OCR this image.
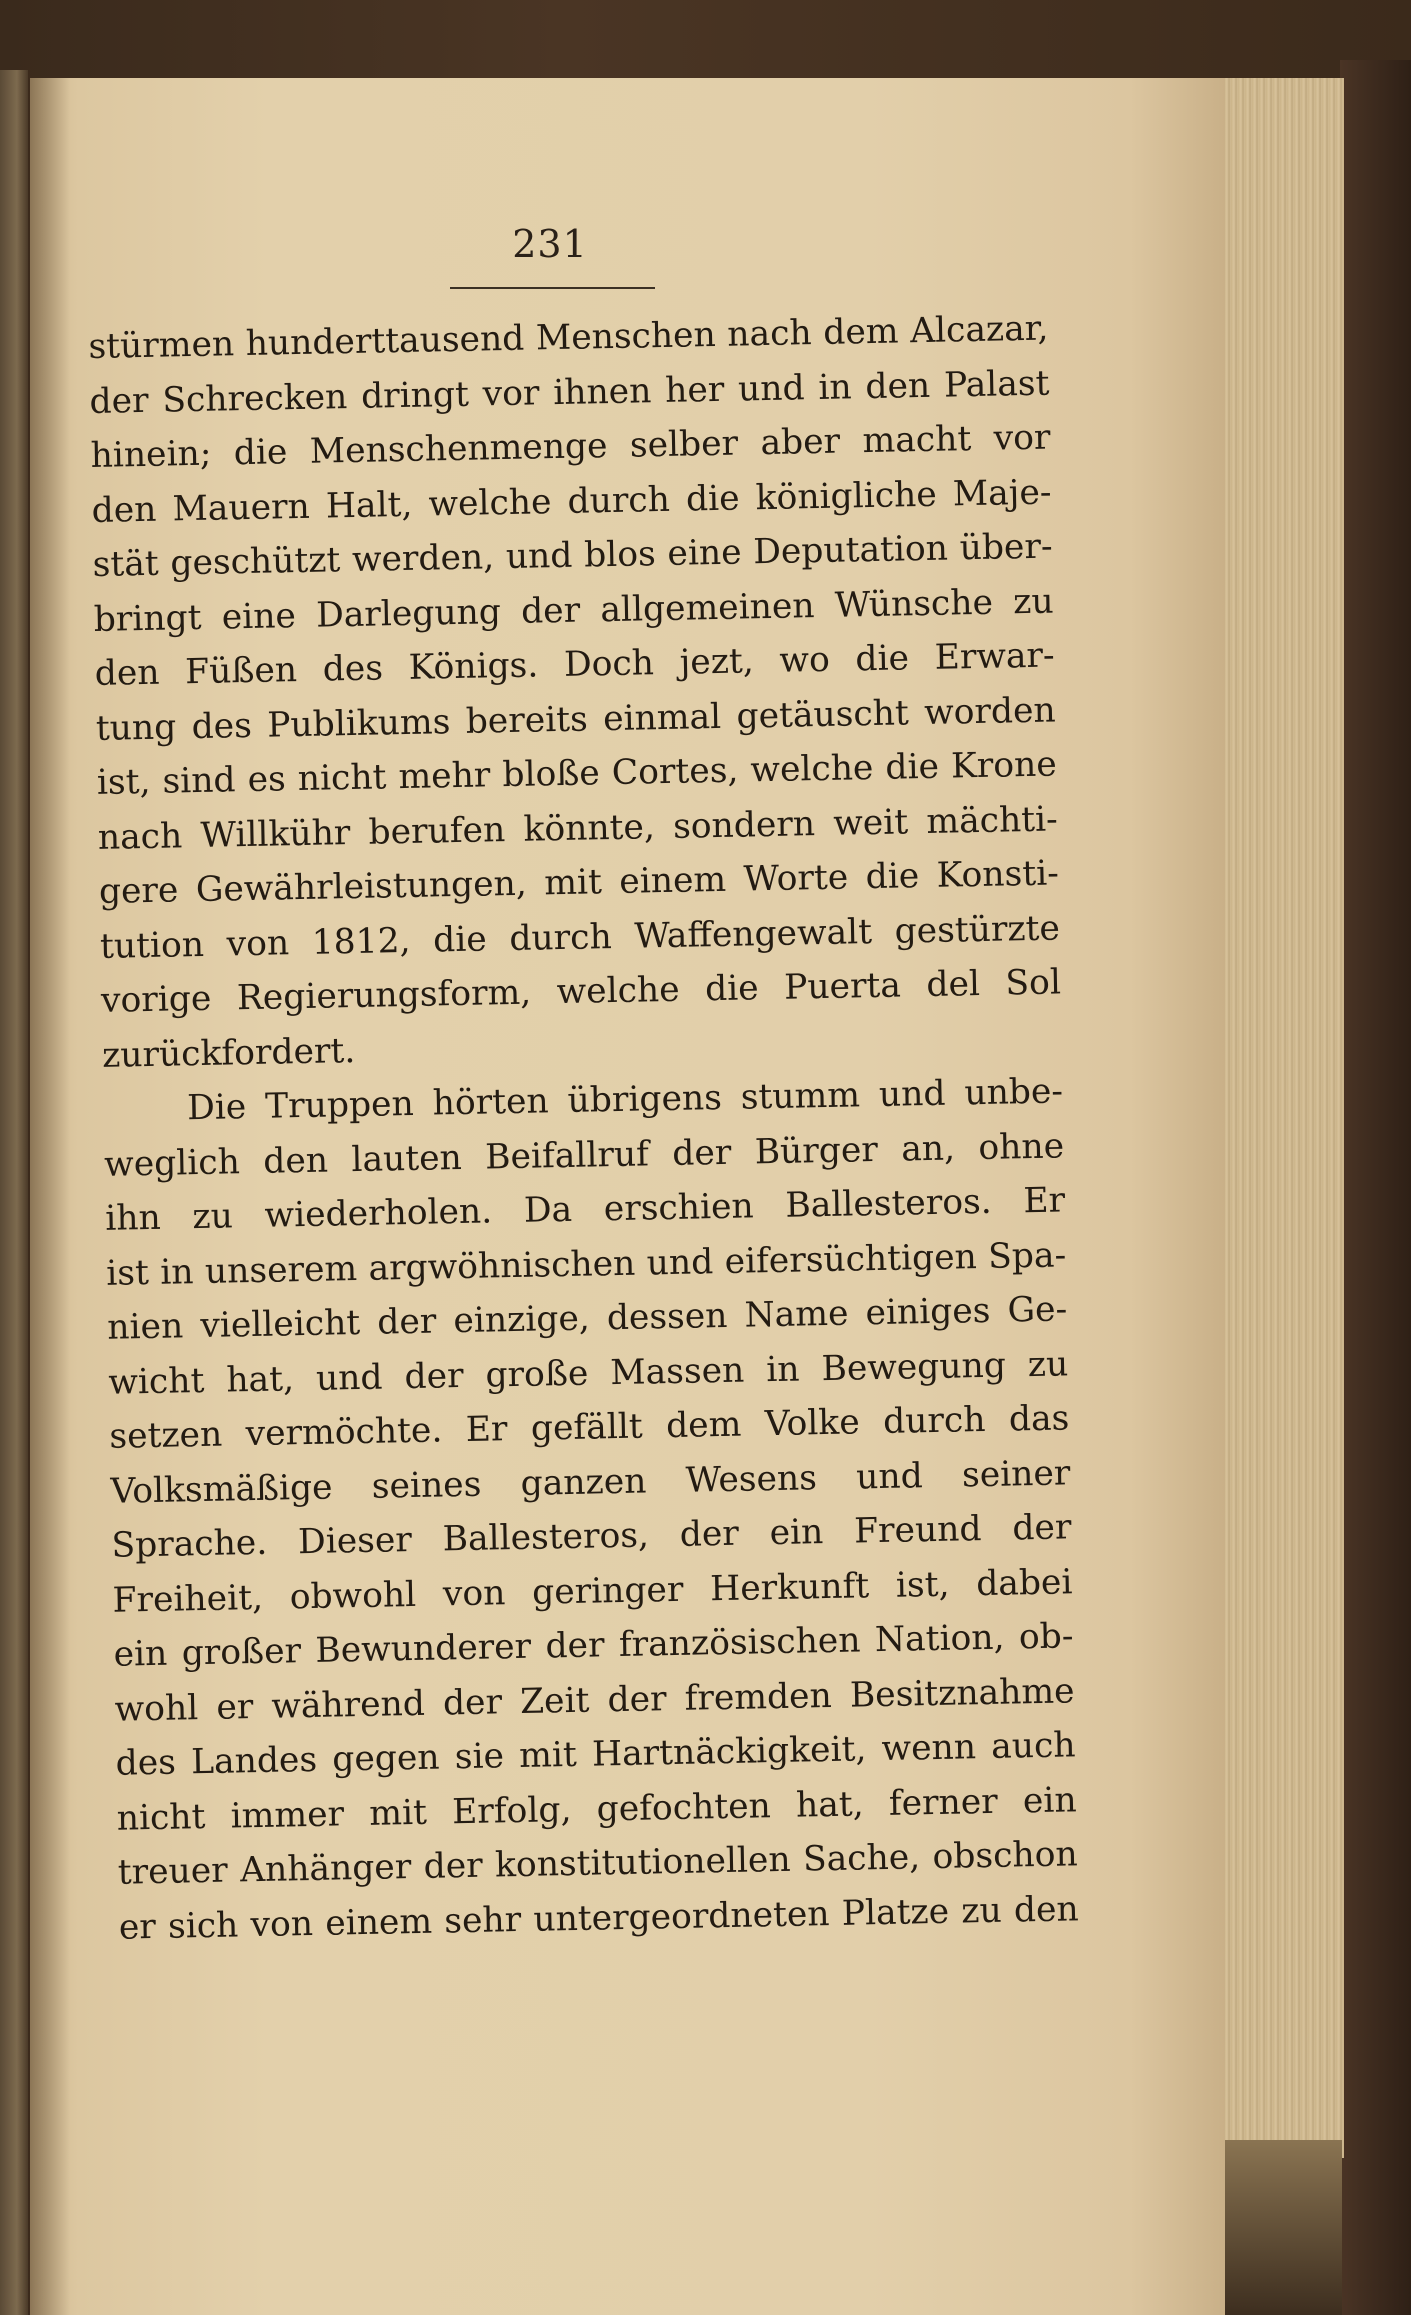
231
stürmen hunderttausend Menschen nach dem Alcazar,
der Schrecken dringt vor ihnen her und in den Palast
hinein; die Menschenmenge selber aber macht vor
den Mauern Halt, welche durch die königliche Maje-
stät geschützt werden, und blos eine Deputation über-
bringt eine Darlegung der allgemeinen Wünsche zu
den Füßen des Königs. Doch jezt, wo die Erwar-
tung des Publikums bereits einmal getäuscht worden
ist, sind es nicht mehr bloße Cortes, welche die Krone
nach Willkühr berufen könnte, sondern weit mächti-
gere Gewährleistungen, mit einem Worte die Konsti-
tution von 1812, die durch Waffengewalt gestürzte
vorige Regierungsform, welche die Puerta del Sol
zurückfordert.
Die Truppen hörten übrigens stumm und unbe-
weglich den lauten Beifallruf der Bürger an, ohne
ihn zu wiederholen. Da erschien Ballesteros. Er
ist in unserem argwöhnischen und eifersüchtigen Spa-
nien vielleicht der einzige, dessen Name einiges Ge-
wicht hat, und der große Massen in Bewegung zu
setzen vermöchte. Er gefällt dem Volke durch das
Volksmäßige seines ganzen Wesens und seiner
Sprache. Dieser Ballesteros, der ein Freund der
Freiheit, obwohl von geringer Herkunft ist, dabei
ein großer Bewunderer der französischen Nation, ob-
wohl er während der Zeit der fremden Besitznahme
des Landes gegen sie mit Hartnäckigkeit, wenn auch
nicht immer mit Erfolg, gefochten hat, ferner ein
treuer Anhänger der konstitutionellen Sache, obschon
er sich von einem sehr untergeordneten Platze zu den
